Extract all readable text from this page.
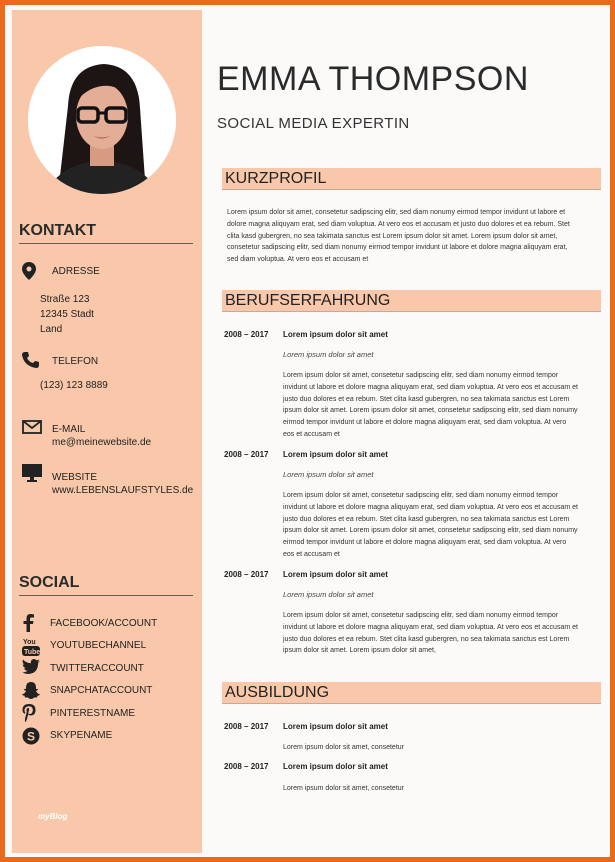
KONTAKT
ADRESSE
Straße 123
12345 Stadt
Land
TELEFON
(123) 123 8889
E-MAIL
me@meinewebsite.de
WEBSITE
www.LEBENSLAUFSTYLES.de
SOCIAL
FACEBOOK/ACCOUNT
You
Tube
YOUTUBECHANNEL
TWITTERACCOUNT
SNAPCHATACCOUNT
PINTERESTNAME
S SKYPENAME
myBlog
EMMA THOMPSON
SOCIAL MEDIA EXPERTIN
KURZPROFIL
Lorem ipsum dolor sit amet, consetetur sadipscing elitr, sed diam nonumy eirmod tempor invidunt ut labore et dolore magna aliquyam erat, sed diam voluptua. At vero eos et accusam et justo duo dolores et ea rebum. Stet clita kasd gubergren, no sea takimata sanctus est Lorem ipsum dolor sit amet. Lorem ipsum dolor sit amet, consetetur sadipscing elitr, sed diam nonumy eirmod tempor invidunt ut labore et dolore magna aliquyam erat, sed diam voluptua. At vero eos et accusam et
BERUFSERFAHRUNG
2008 – 2017 Lorem ipsum dolor sit amet
Lorem ipsum dolor sit amet
Lorem ipsum dolor sit amet, consetetur sadipscing elitr, sed diam nonumy eirmod tempor invidunt ut labore et dolore magna aliquyam erat, sed diam voluptua. At vero eos et accusam et justo duo dolores et ea rebum. Stet clita kasd gubergren, no sea takimata sanctus est Lorem ipsum dolor sit amet. Lorem ipsum dolor sit amet, consetetur sadipscing elitr, sed diam nonumy eirmod tempor invidunt ut labore et dolore magna aliquyam erat, sed diam voluptua. At vero eos et accusam et
2008 – 2017 Lorem ipsum dolor sit amet
Lorem ipsum dolor sit amet
Lorem ipsum dolor sit amet, consetetur sadipscing elitr, sed diam nonumy eirmod tempor invidunt ut labore et dolore magna aliquyam erat, sed diam voluptua. At vero eos et accusam et justo duo dolores et ea rebum. Stet clita kasd gubergren, no sea takimata sanctus est Lorem ipsum dolor sit amet. Lorem ipsum dolor sit amet, consetetur sadipscing elitr, sed diam nonumy eirmod tempor invidunt ut labore et dolore magna aliquyam erat, sed diam voluptua. At vero eos et accusam et
2008 – 2017 Lorem ipsum dolor sit amet
Lorem ipsum dolor sit amet
Lorem ipsum dolor sit amet, consetetur sadipscing elitr, sed diam nonumy eirmod tempor invidunt ut labore et dolore magna aliquyam erat, sed diam voluptua. At vero eos et accusam et justo duo dolores et ea rebum. Stet clita kasd gubergren, no sea takimata sanctus est Lorem ipsum dolor sit amet. Lorem ipsum dolor sit amet,
AUSBILDUNG
2008 – 2017 Lorem ipsum dolor sit amet
Lorem ipsum dolor sit amet, consetetur
2008 – 2017 Lorem ipsum dolor sit amet
Lorem ipsum dolor sit amet, consetetur
